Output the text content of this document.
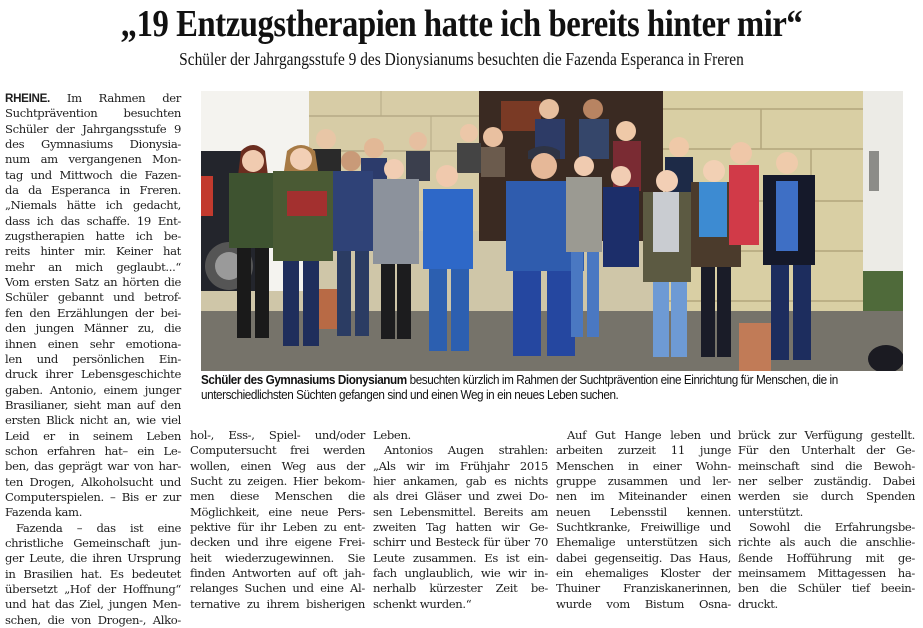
„19 Entzugstherapien hatte ich bereits hinter mir“
Schüler der Jahrgangsstufe 9 des Dionysianums besuchten die Fazenda Esperanca in Freren
Schüler des Gymnasiums Dionysianum besuchten kürzlich im Rahmen der Suchtprävention eine Einrichtung für Menschen, die in unterschiedlichsten Süchten gefangen sind und einen Weg in ein neues Leben suchen.
RHEINE. Im Rahmen der
Suchtprävention besuchten
Schüler der Jahrgangsstufe 9
des Gymnasiums Dionysia-
num am vergangenen Mon-
tag und Mittwoch die Fazen-
da da Esperanca in Freren.
„Niemals hätte ich gedacht,
dass ich das schaffe. 19 Ent-
zugstherapien hatte ich be-
reits hinter mir. Keiner hat
mehr an mich geglaubt...“
Vom ersten Satz an hörten die
Schüler gebannt und betrof-
fen den Erzählungen der bei-
den jungen Männer zu, die
ihnen einen sehr emotiona-
len und persönlichen Ein-
druck ihrer Lebensgeschichte
gaben. Antonio, einem junger
Brasilianer, sieht man auf den
ersten Blick nicht an, wie viel
Leid er in seinem Leben
schon erfahren hat– ein Le-
ben, das geprägt war von har-
ten Drogen, Alkoholsucht und
Computerspielen. – Bis er zur
Fazenda kam.
Fazenda – das ist eine
christliche Gemeinschaft jun-
ger Leute, die ihren Ursprung
in Brasilien hat. Es bedeutet
übersetzt „Hof der Hoffnung“
und hat das Ziel, jungen Men-
schen, die von Drogen-, Alko-
hol-, Ess-, Spiel- und/oder
Computersucht frei werden
wollen, einen Weg aus der
Sucht zu zeigen. Hier bekom-
men diese Menschen die
Möglichkeit, eine neue Pers-
pektive für ihr Leben zu ent-
decken und ihre eigene Frei-
heit wiederzugewinnen. Sie
finden Antworten auf oft jah-
relanges Suchen und eine Al-
ternative zu ihrem bisherigen
Leben.
Antonios Augen strahlen:
„Als wir im Frühjahr 2015
hier ankamen, gab es nichts
als drei Gläser und zwei Do-
sen Lebensmittel. Bereits am
zweiten Tag hatten wir Ge-
schirr und Besteck für über 70
Leute zusammen. Es ist ein-
fach unglaublich, wie wir in-
nerhalb kürzester Zeit be-
schenkt wurden.“
Auf Gut Hange leben und
arbeiten zurzeit 11 junge
Menschen in einer Wohn-
gruppe zusammen und ler-
nen im Miteinander einen
neuen Lebensstil kennen.
Suchtkranke, Freiwillige und
Ehemalige unterstützen sich
dabei gegenseitig. Das Haus,
ein ehemaliges Kloster der
Thuiner Franziskanerinnen,
wurde vom Bistum Osna-
brück zur Verfügung gestellt.
Für den Unterhalt der Ge-
meinschaft sind die Bewoh-
ner selber zuständig. Dabei
werden sie durch Spenden
unterstützt.
Sowohl die Erfahrungsbe-
richte als auch die anschlie-
ßende Hofführung mit ge-
meinsamem Mittagessen ha-
ben die Schüler tief beein-
druckt.
